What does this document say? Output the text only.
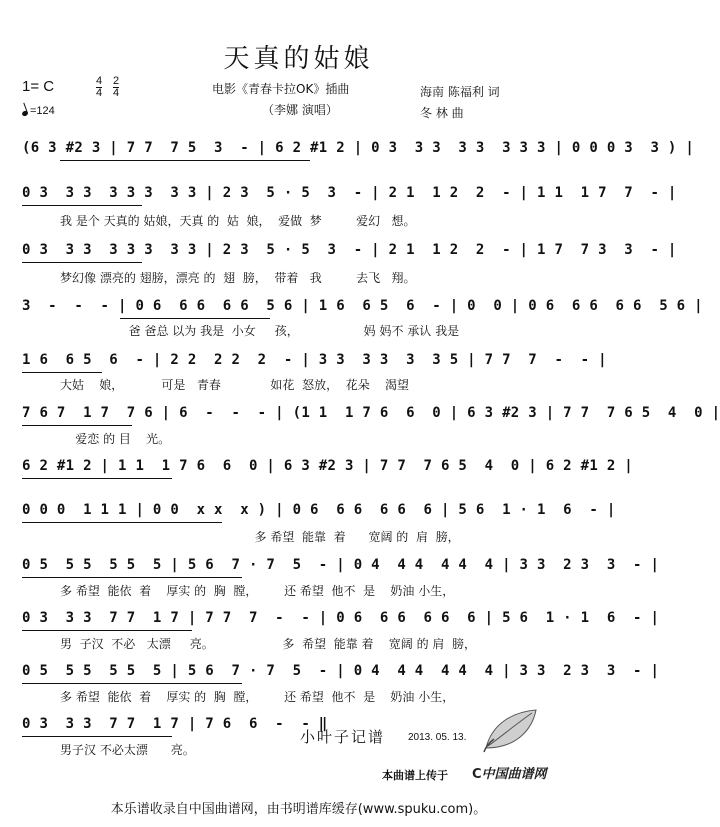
天真的姑娘
1= C	$\frac{4}{4} \frac{2}{4}$
=124
电影《青春卡拉OK》插曲
（李娜 演唱）
海南 陈福利 词
冬 林 曲
(6 3 #2 3 | 7 7  7 5  3  - | 6 2 #1 2 | 0 3  3 3  3 3  3 3 3 | 0 0 0 3  3 ) |
0 3  3 3  3 3 3  3 3 | 2 3  5 · 5  3  - | 2 1  1 2  2  - | 1 1  1 7  7  - |
我 是个 天真的 姑娘，天真 的  姑  娘，  爱做  梦         爱幻   想。
0 3  3 3  3 3 3  3 3 | 2 3  5 · 5  3  - | 2 1  1 2  2  - | 1 7  7 3  3  - |
梦幻像 漂亮的 翅膀，漂亮 的  翅  膀，  带着   我         去飞   翔。
3  -  -  - | 0 6  6 6  6 6  5 6 | 1 6  6 5  6  - | 0  0 | 0 6  6 6  6 6  5 6 |
爸 爸总 以为 我是  小女     孩，                 妈 妈不 承认 我是
1 6  6 5  6  - | 2 2  2 2  2  - | 3 3  3 3  3  3 5 | 7 7  7  -  - |
大姑    娘，          可是   青春             如花  怒放，  花朵    渴望
7 6 7  1 7  7 6 | 6  -  -  - | (1 1  1 7 6  6  0 | 6 3 #2 3 | 7 7  7 6 5  4  0 |
爱恋 的 目    光。
6 2 #1 2 | 1 1  1 7 6  6  0 | 6 3 #2 3 | 7 7  7 6 5  4  0 | 6 2 #1 2 |
0 0 0  1 1 1 | 0 0  x x  x ) | 0 6  6 6  6 6  6 | 5 6  1 · 1  6  - |
多 希望  能靠  着      宽阔 的  肩  膀，
0 5  5 5  5 5  5 | 5 6  7 · 7  5  - | 0 4  4 4  4 4  4 | 3 3  2 3  3  - |
多 希望  能依  着    厚实 的  胸  膛，       还 希望  他不  是    奶油 小生，
0 3  3 3  7 7  1 7 | 7 7  7  -  - | 0 6  6 6  6 6  6 | 5 6  1 · 1  6  - |
男  子汉  不必   太漂     亮。                  多  希望  能靠 着    宽阔 的 肩  膀，
0 5  5 5  5 5  5 | 5 6  7 · 7  5  - | 0 4  4 4  4 4  4 | 3 3  2 3  3  - |
多 希望  能依  着    厚实 的  胸  膛，       还 希望  他不  是    奶油 小生，
0 3  3 3  7 7  1 7 | 7 6  6  -  - ‖
男子汉 不必太漂      亮。
小叶子记谱 2013. 05. 13.
本曲谱上传于 C中国曲谱网
本乐谱收录自中国曲谱网，由书明谱库缓存(www.spuku.com)。
